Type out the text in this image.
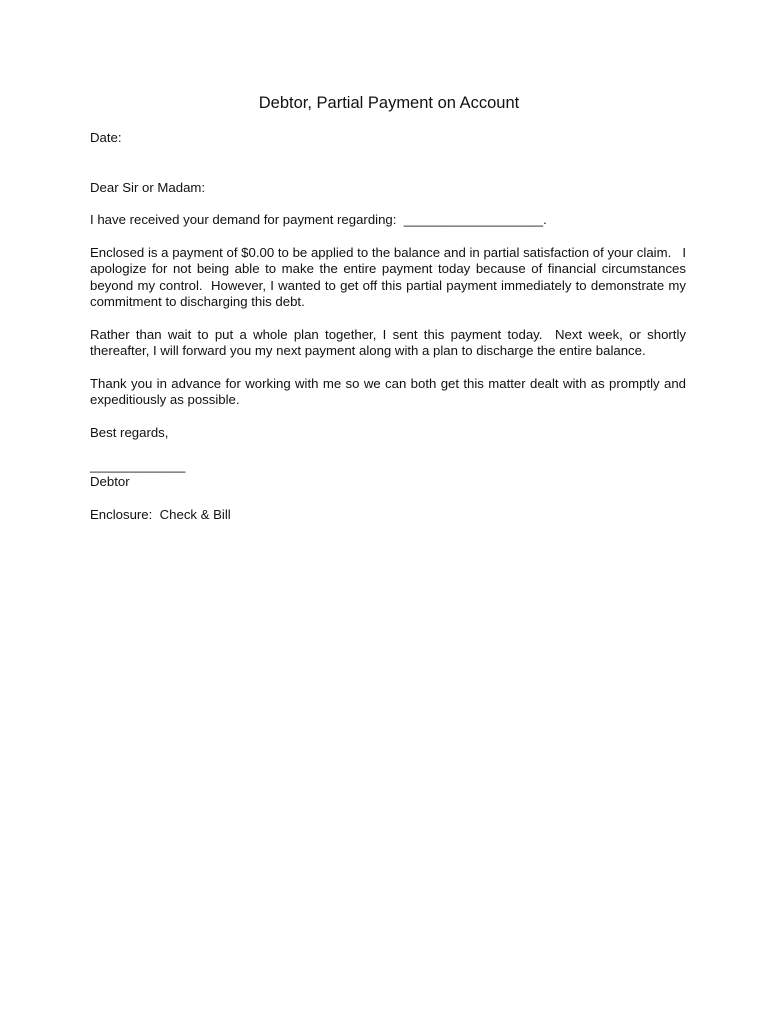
Debtor, Partial Payment on Account
Date:
Dear Sir or Madam:
I have received your demand for payment regarding:  ___________________.
Enclosed is a payment of $0.00 to be applied to the balance and in partial satisfaction of your claim.   I apologize for not being able to make the entire payment today because of financial circumstances beyond my control.  However, I wanted to get off this partial payment immediately to demonstrate my commitment to discharging this debt.
Rather than wait to put a whole plan together, I sent this payment today.  Next week, or shortly thereafter, I will forward you my next payment along with a plan to discharge the entire balance.
Thank you in advance for working with me so we can both get this matter dealt with as promptly and expeditiously as possible.
Best regards,
_____________
Debtor
Enclosure:  Check & Bill
